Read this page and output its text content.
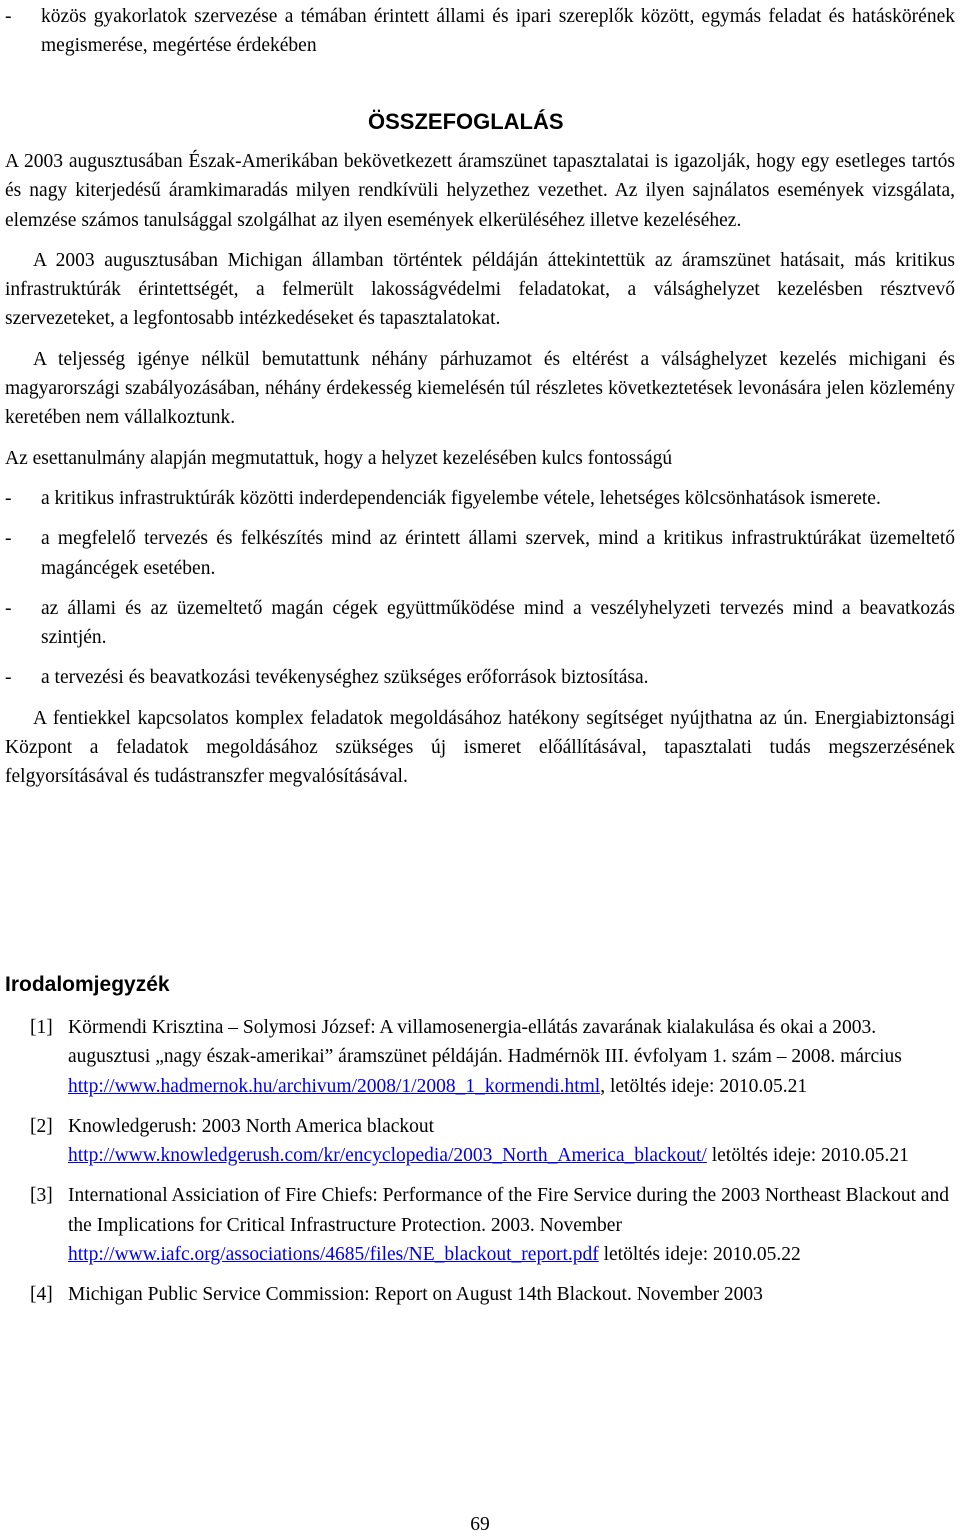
- közös gyakorlatok szervezése a témában érintett állami és ipari szereplők között, egymás feladat és hatáskörének megismerése, megértése érdekében

ÖSSZEFOGLALÁS

A 2003 augusztusában Észak-Amerikában bekövetkezett áramszünet tapasztalatai is igazolják, hogy egy esetleges tartós és nagy kiterjedésű áramkimaradás milyen rendkívüli helyzethez vezethet. Az ilyen sajnálatos események vizsgálata, elemzése számos tanulsággal szolgálhat az ilyen események elkerüléséhez illetve kezeléséhez.

A 2003 augusztusában Michigan államban történtek példáján áttekintettük az áramszünet hatásait, más kritikus infrastruktúrák érintettségét, a felmerült lakosságvédelmi feladatokat, a válsághelyzet kezelésben résztvevő szervezeteket, a legfontosabb intézkedéseket és tapasztalatokat.

A teljesség igénye nélkül bemutattunk néhány párhuzamot és eltérést a válsághelyzet kezelés michigani és magyarországi szabályozásában, néhány érdekesség kiemelésén túl részletes következtetések levonására jelen közlemény keretében nem vállalkoztunk.

Az esettanulmány alapján megmutattuk, hogy a helyzet kezelésében kulcs fontosságú

- a kritikus infrastruktúrák közötti inderdependenciák figyelembe vétele, lehetséges kölcsönhatások ismerete.

- a megfelelő tervezés és felkészítés mind az érintett állami szervek, mind a kritikus infrastruktúrákat üzemeltető magáncégek esetében.

- az állami és az üzemeltető magán cégek együttműködése mind a veszélyhelyzeti tervezés mind a beavatkozás szintjén.

- a tervezési és beavatkozási tevékenységhez szükséges erőforrások biztosítása.

A fentiekkel kapcsolatos komplex feladatok megoldásához hatékony segítséget nyújthatna az ún. Energiabiztonsági Központ a feladatok megoldásához szükséges új ismeret előállításával, tapasztalati tudás megszerzésének felgyorsításával és tudástranszfer megvalósításával.

Irodalomjegyzék
[1] Körmendi Krisztina – Solymosi József: A villamosenergia-ellátás zavarának kialakulása és okai a 2003. augusztusi „nagy észak-amerikai” áramszünet példáján. Hadmérnök III. évfolyam 1. szám – 2008. március
http://www.hadmernok.hu/archivum/2008/1/2008_1_kormendi.html, letöltés ideje: 2010.05.21

[2] Knowledgerush: 2003 North America blackout
http://www.knowledgerush.com/kr/encyclopedia/2003_North_America_blackout/ letöltés ideje: 2010.05.21

[3] International Assiciation of Fire Chiefs: Performance of the Fire Service during the 2003 Northeast Blackout and the Implications for Critical Infrastructure Protection. 2003. November http://www.iafc.org/associations/4685/files/NE_blackout_report.pdf letöltés ideje: 2010.05.22

[4] Michigan Public Service Commission: Report on August 14th Blackout. November 2003

69
